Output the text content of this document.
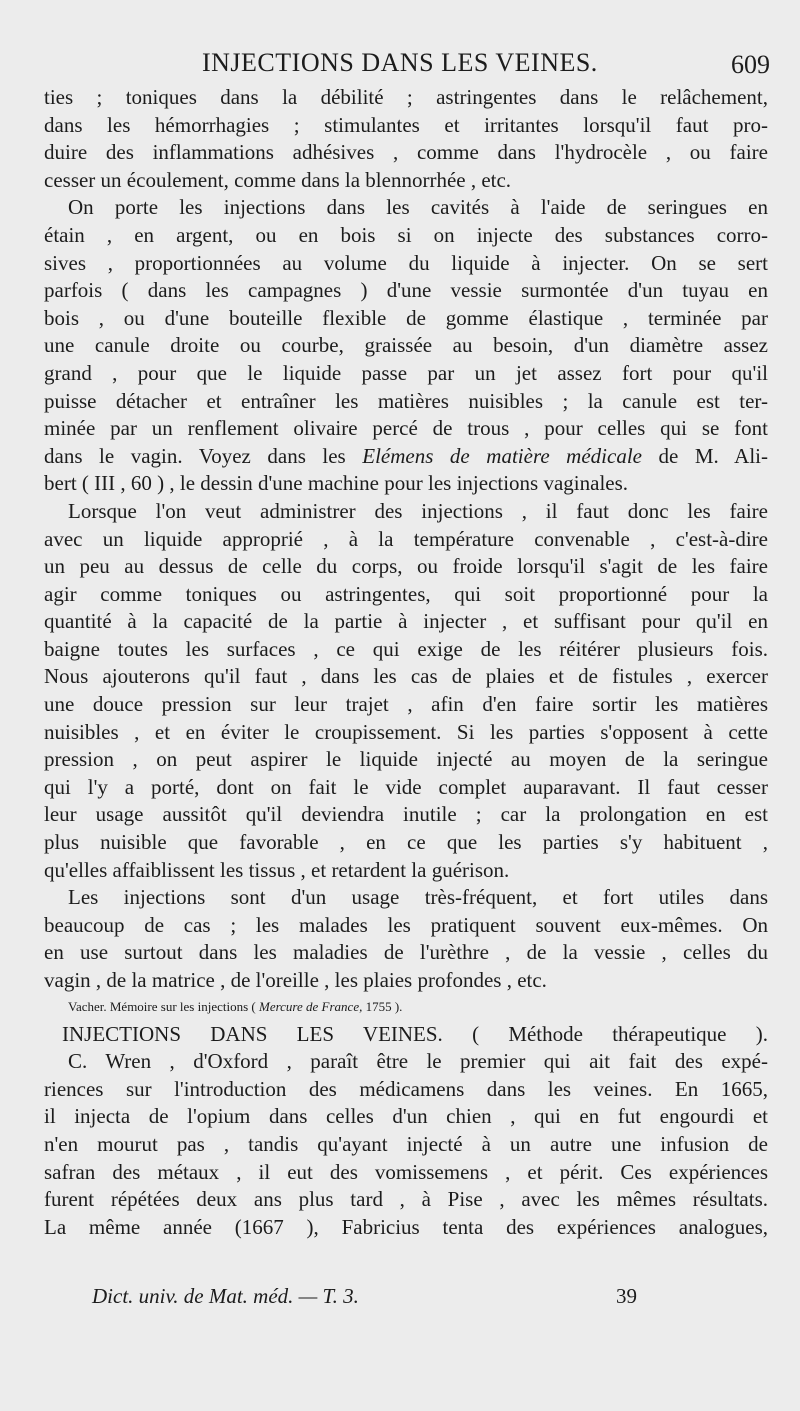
INJECTIONS DANS LES VEINES.	609
ties ; toniques dans la débilité ; astringentes dans le relâchement,
dans les hémorrhagies ; stimulantes et irritantes lorsqu'il faut pro-
duire des inflammations adhésives , comme dans l'hydrocèle , ou faire
cesser un écoulement, comme dans la blennorrhée , etc.
On porte les injections dans les cavités à l'aide de seringues en
étain , en argent, ou en bois si on injecte des substances corro-
sives , proportionnées au volume du liquide à injecter. On se sert
parfois ( dans les campagnes ) d'une vessie surmontée d'un tuyau en
bois , ou d'une bouteille flexible de gomme élastique , terminée par
une canule droite ou courbe, graissée au besoin, d'un diamètre assez
grand , pour que le liquide passe par un jet assez fort pour qu'il
puisse détacher et entraîner les matières nuisibles ; la canule est ter-
minée par un renflement olivaire percé de trous , pour celles qui se font
dans le vagin. Voyez dans les Elémens de matière médicale de M. Ali-
bert ( III , 60 ) , le dessin d'une machine pour les injections vaginales.
Lorsque l'on veut administrer des injections , il faut donc les faire
avec un liquide approprié , à la température convenable , c'est-à-dire
un peu au dessus de celle du corps, ou froide lorsqu'il s'agit de les faire
agir comme toniques ou astringentes, qui soit proportionné pour la
quantité à la capacité de la partie à injecter , et suffisant pour qu'il en
baigne toutes les surfaces , ce qui exige de les réitérer plusieurs fois.
Nous ajouterons qu'il faut , dans les cas de plaies et de fistules , exercer
une douce pression sur leur trajet , afin d'en faire sortir les matières
nuisibles , et en éviter le croupissement. Si les parties s'opposent à cette
pression , on peut aspirer le liquide injecté au moyen de la seringue
qui l'y a porté, dont on fait le vide complet auparavant. Il faut cesser
leur usage aussitôt qu'il deviendra inutile ; car la prolongation en est
plus nuisible que favorable , en ce que les parties s'y habituent ,
qu'elles affaiblissent les tissus , et retardent la guérison.
Les injections sont d'un usage très-fréquent, et fort utiles dans
beaucoup de cas ; les malades les pratiquent souvent eux-mêmes. On
en use surtout dans les maladies de l'urèthre , de la vessie , celles du
vagin , de la matrice , de l'oreille , les plaies profondes , etc.
Vacher. Mémoire sur les injections ( Mercure de France, 1755 ).
INJECTIONS DANS LES VEINES. ( Méthode thérapeutique ).
C. Wren , d'Oxford , paraît être le premier qui ait fait des expé-
riences sur l'introduction des médicamens dans les veines. En 1665,
il injecta de l'opium dans celles d'un chien , qui en fut engourdi et
n'en mourut pas , tandis qu'ayant injecté à un autre une infusion de
safran des métaux , il eut des vomissemens , et périt. Ces expériences
furent répétées deux ans plus tard , à Pise , avec les mêmes résultats.
La même année (1667 ), Fabricius tenta des expériences analogues,
Dict. univ. de Mat. méd. — T. 3.	39
